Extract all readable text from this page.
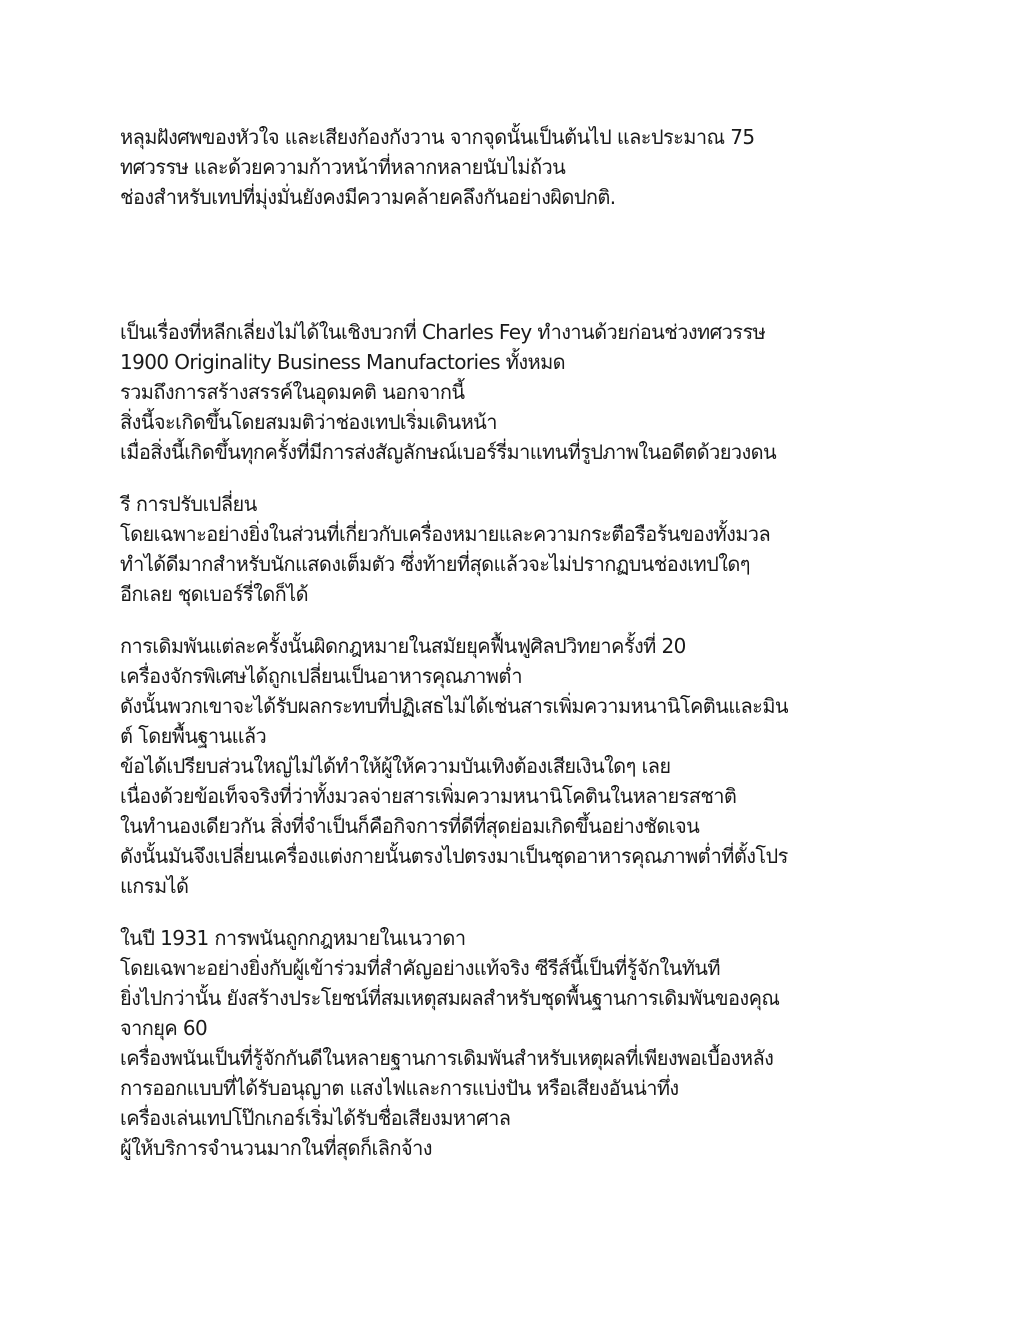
หลุมฝังศพของหัวใจ และเสียงก้องกังวาน จากจุดนั้นเป็นต้นไป และประมาณ 75
ทศวรรษ และด้วยความก้าวหน้าที่หลากหลายนับไม่ถ้วน
ช่องสำหรับเทปที่มุ่งมั่นยังคงมีความคล้ายคลึงกันอย่างผิดปกติ.
เป็นเรื่องที่หลีกเลี่ยงไม่ได้ในเชิงบวกที่ Charles Fey ทำงานด้วยก่อนช่วงทศวรรษ
1900 Originality Business Manufactories ทั้งหมด
รวมถึงการสร้างสรรค์ในอุดมคติ นอกจากนี้
สิ่งนี้จะเกิดขึ้นโดยสมมติว่าช่องเทปเริ่มเดินหน้า
เมื่อสิ่งนี้เกิดขึ้นทุกครั้งที่มีการส่งสัญลักษณ์เบอร์รี่มาแทนที่รูปภาพในอดีตด้วยวงดน
รี การปรับเปลี่ยน
โดยเฉพาะอย่างยิ่งในส่วนที่เกี่ยวกับเครื่องหมายและความกระตือรือร้นของทั้งมวล
ทำได้ดีมากสำหรับนักแสดงเต็มตัว ซึ่งท้ายที่สุดแล้วจะไม่ปรากฏบนช่องเทปใดๆ
อีกเลย ชุดเบอร์รี่ใดก็ได้
การเดิมพันแต่ละครั้งนั้นผิดกฎหมายในสมัยยุคฟื้นฟูศิลปวิทยาครั้งที่ 20
เครื่องจักรพิเศษได้ถูกเปลี่ยนเป็นอาหารคุณภาพต่ำ
ดังนั้นพวกเขาจะได้รับผลกระทบที่ปฏิเสธไม่ได้เช่นสารเพิ่มความหนานิโคตินและมิน
ต์ โดยพื้นฐานแล้ว
ข้อได้เปรียบส่วนใหญ่ไม่ได้ทำให้ผู้ให้ความบันเทิงต้องเสียเงินใดๆ เลย
เนื่องด้วยข้อเท็จจริงที่ว่าทั้งมวลจ่ายสารเพิ่มความหนานิโคตินในหลายรสชาติ
ในทำนองเดียวกัน สิ่งที่จำเป็นก็คือกิจการที่ดีที่สุดย่อมเกิดขึ้นอย่างชัดเจน
ดังนั้นมันจึงเปลี่ยนเครื่องแต่งกายนั้นตรงไปตรงมาเป็นชุดอาหารคุณภาพต่ำที่ตั้งโปร
แกรมได้
ในปี 1931 การพนันถูกกฎหมายในเนวาดา
โดยเฉพาะอย่างยิ่งกับผู้เข้าร่วมที่สำคัญอย่างแท้จริง ซีรีส์นี้เป็นที่รู้จักในทันที
ยิ่งไปกว่านั้น ยังสร้างประโยชน์ที่สมเหตุสมผลสำหรับชุดพื้นฐานการเดิมพันของคุณ
จากยุค 60
เครื่องพนันเป็นที่รู้จักกันดีในหลายฐานการเดิมพันสำหรับเหตุผลที่เพียงพอเบื้องหลัง
การออกแบบที่ได้รับอนุญาต แสงไฟและการแบ่งปัน หรือเสียงอันน่าทึ่ง
เครื่องเล่นเทปโป๊กเกอร์เริ่มได้รับชื่อเสียงมหาศาล
ผู้ให้บริการจำนวนมากในที่สุดก็เลิกจ้าง
